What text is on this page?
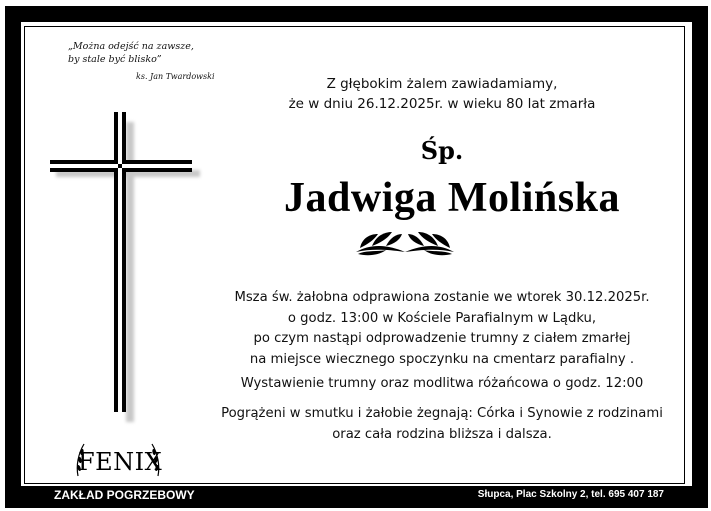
„Można odejść na zawsze,
by stale być blisko”
ks. Jan Twardowski	Z głębokim żalem zawiadamiamy,

że w dniu 26.12.2025r. w wieku 80 lat zmarła

Śp.
Jadwiga Molińska

Msza św. żałobna odprawiona zostanie we wtorek 30.12.2025r.

o godz. 13:00 w Kościele Parafialnym w Lądku,

po czym nastąpi odprowadzenie trumny z ciałem zmarłej

na miejsce wiecznego spoczynku na cmentarz parafialny .

Wystawienie trumny oraz modlitwa różańcowa o godz. 12:00

Pogrążeni w smutku i żałobie żegnają: Córka i Synowie z rodzinami

oraz cała rodzina bliższa i dalsza.

FENIX
ZAKŁAD POGRZEBOWY	Słupca, Plac Szkolny 2, tel. 695 407 187
